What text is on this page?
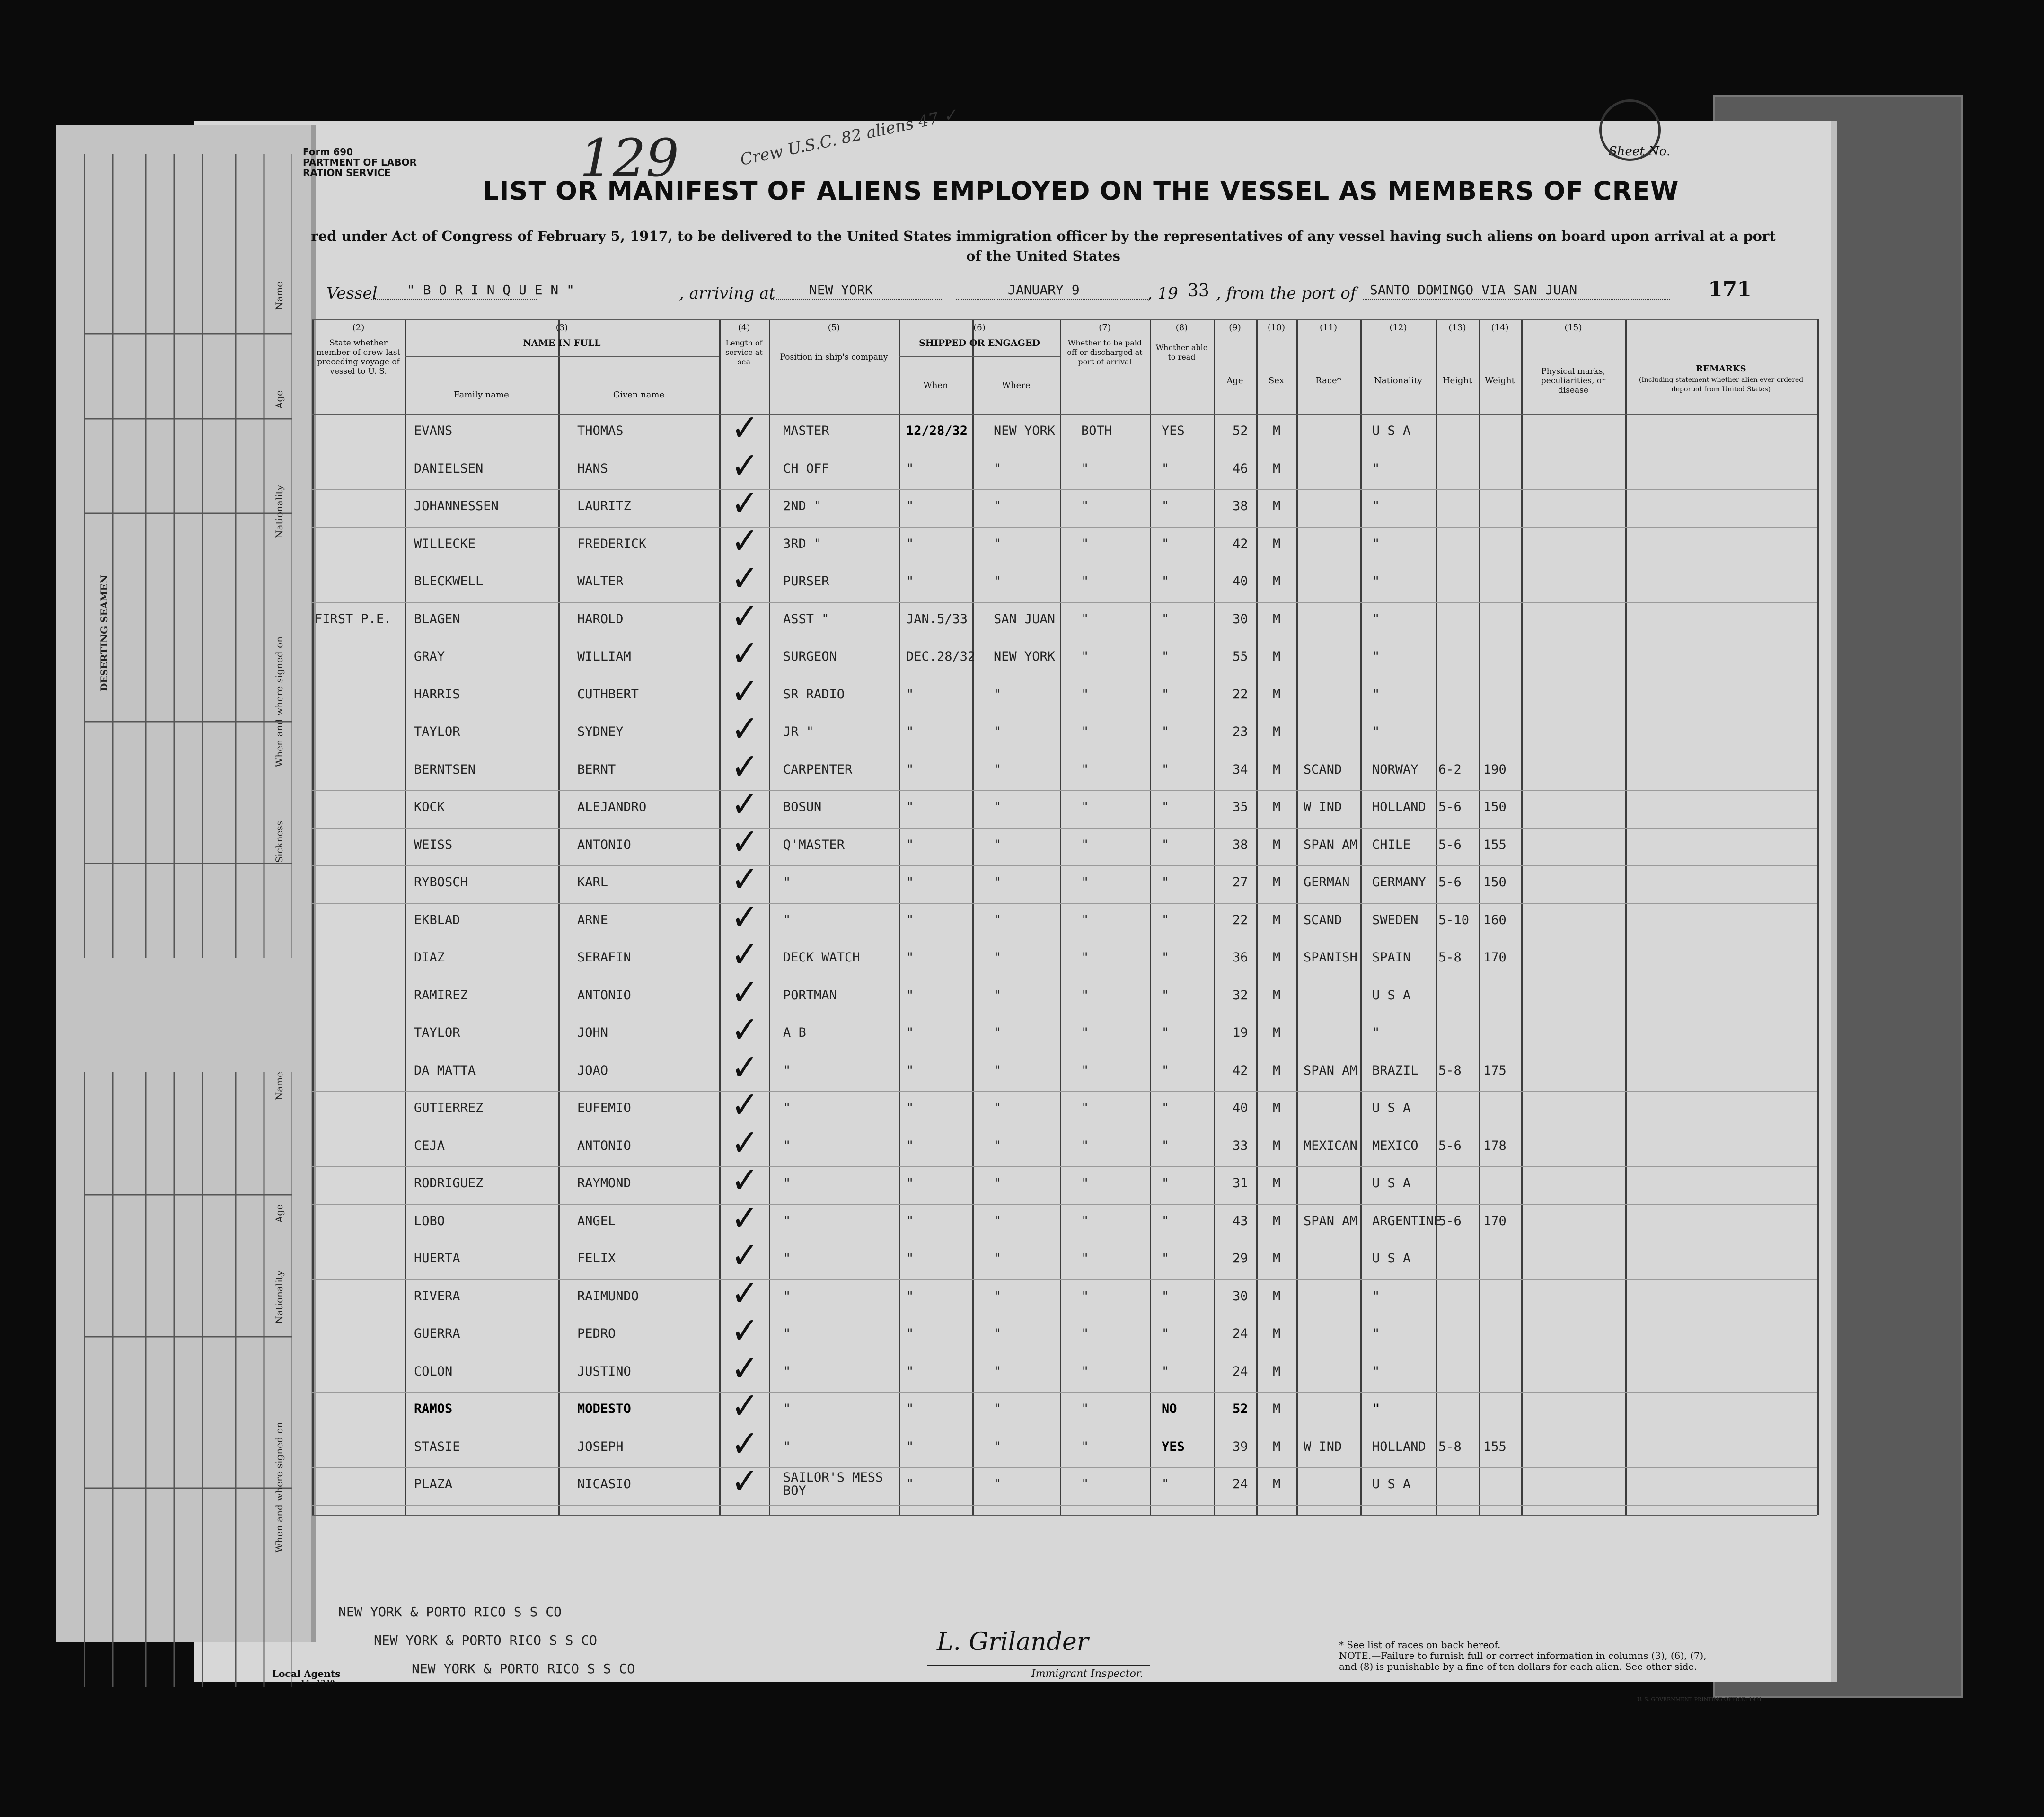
Name
Age
Nationality
When and where signed on
Sickness
DESERTING SEAMEN
Name
Age
Nationality
When and where signed on
Form 690
PARTMENT OF LABOR
RATION SERVICE	129	Crew U.S.C. 82 aliens 47 ✓	Sheet No.
LIST OR MANIFEST OF ALIENS EMPLOYED ON THE VESSEL AS MEMBERS OF CREW
red under Act of Congress of February 5, 1917, to be delivered to the United States immigration officer by the representatives of any vessel having such aliens on board upon arrival at a port of the United States
Vessel " B O R I N Q U E N "	, arriving at	NEW YORK	JANUARY 9	, 19 33 , from the port of SANTO DOMINGO VIA SAN JUAN	171
(2)
State whether member of crew last preceding voyage of vessel to U. S.
(3)
NAME IN FULL
Family name	Given name
(4)
Length of service at sea
(5)
Position in ship's company
(6)
SHIPPED OR ENGAGED
When	Where
(7)
Whether to be paid off or discharged at port of arrival
(8)
Whether able to read
(9)
Age
(10)
Sex
(11)
Race*
(12)
Nationality
(13)
Height
(14)
Weight
(15)
Physical marks, peculiarities, or disease
REMARKS
(Including statement whether alien ever ordered deported from United States)
EVANS	THOMAS	MASTER	12/28/32 NEW YORK BOTH	YES	52 M	U S A
✓
DANIELSEN	HANS	CH OFF	"	"	"	"	46 M	"
✓
JOHANNESSEN	LAURITZ	2ND "	"	"	"	"	38 M	"
✓
WILLECKE	FREDERICK	3RD "	"	"	"	"	42 M	"
✓
BLECKWELL	WALTER	PURSER	"	"	"	"	40 M	"
✓
FIRST P.E. BLAGEN	HAROLD	ASST "	JAN.5/33 SAN JUAN "	"	30 M	"
✓
GRAY	WILLIAM	SURGEON	DEC.28/32 NEW YORK "	"	55 M	"
✓
HARRIS	CUTHBERT	SR RADIO	"	"	"	"	22 M	"
✓
TAYLOR	SYDNEY	JR "	"	"	"	"	23 M	"
✓
BERNTSEN	BERNT	CARPENTER	"	"	"	"	34 M SCAND NORWAY 6-2 190
✓
KOCK	ALEJANDRO	BOSUN	"	"	"	"	35 M W IND HOLLAND 5-6 150
✓
WEISS	ANTONIO	Q'MASTER	"	"	"	"	38 M SPAN AM CHILE 5-6 155
✓
RYBOSCH	KARL	"	"	"	"	"	27 M GERMAN GERMANY 5-6 150
✓
EKBLAD	ARNE	"	"	"	"	"	22 M SCAND SWEDEN 5-10 160
✓
DIAZ	SERAFIN	DECK WATCH	"	"	"	"	36 M SPANISH SPAIN 5-8 170
✓
RAMIREZ	ANTONIO	PORTMAN	"	"	"	"	32 M	U S A
✓
TAYLOR	JOHN	A B	"	"	"	"	19 M	"
✓
DA MATTA	JOAO	"	"	"	"	"	42 M SPAN AM BRAZIL 5-8 175
✓
GUTIERREZ	EUFEMIO	"	"	"	"	"	40 M	U S A
✓
CEJA	ANTONIO	"	"	"	"	"	33 M MEXICAN MEXICO 5-6 178
✓
RODRIGUEZ	RAYMOND	"	"	"	"	"	31 M	U S A
✓
LOBO	ANGEL	"	"	"	"	"	43 M SPAN AM ARGENTINE
5-6 170
✓
HUERTA	FELIX	"	"	"	"	"	29 M	U S A
✓
RIVERA	RAIMUNDO	"	"	"	"	"	30 M	"
✓
GUERRA	PEDRO	"	"	"	"	"	24 M	"
✓
COLON	JUSTINO	"	"	"	"	"	24 M	"
✓
RAMOS	MODESTO	"	"	"	"	NO	52 M	"
✓
STASIE	JOSEPH	"	"	"	"	YES	39 M W IND HOLLAND 5-8 155
✓
PLAZA	NICASIO	SAILOR'S MESS BOY	"	"	"	"	24 M	U S A
✓
NEW YORK & PORTO RICO S S CO
NEW YORK & PORTO RICO S S CO
NEW YORK & PORTO RICO S S CO
Local Agents
14—1240
L. Grilander
Immigrant Inspector.
* See list of races on back hereof.
NOTE.—Failure to furnish full or correct information in columns (3), (6), (7), and (8) is punishable by a fine of ten dollars for each alien. See other side.
U. S. GOVERNMENT PRINTING OFFICE: 1931
